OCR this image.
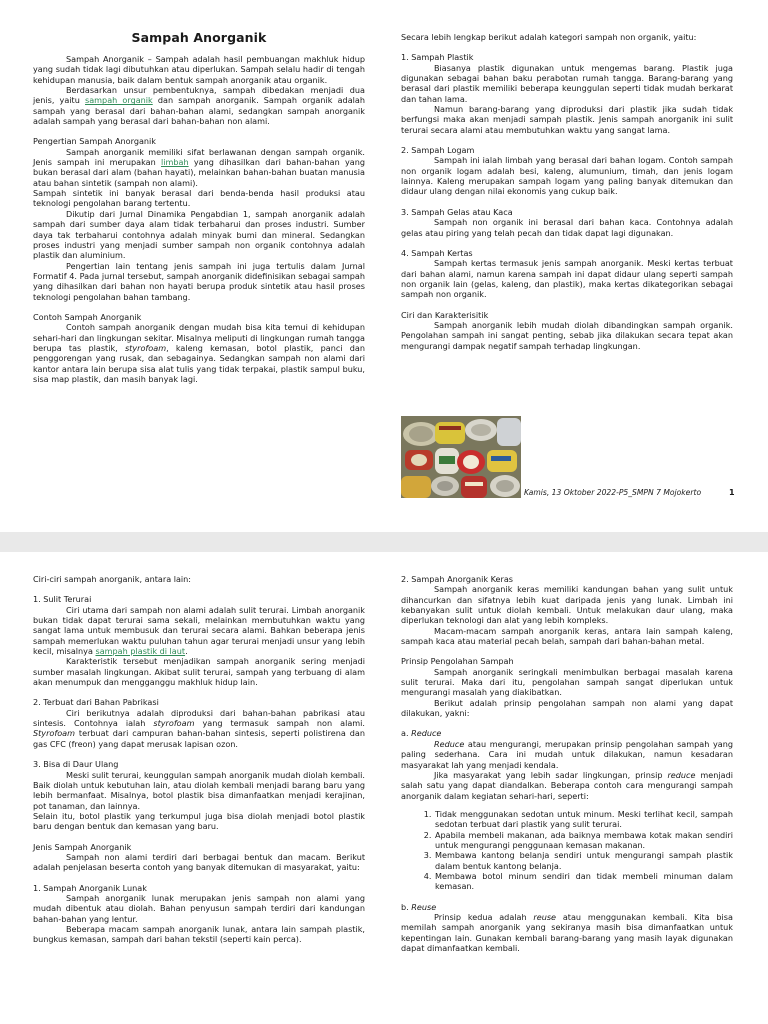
Sampah Anorganik

Sampah Anorganik – Sampah adalah hasil pembuangan makhluk hidup yang sudah tidak lagi dibutuhkan atau diperlukan. Sampah selalu hadir di tengah kehidupan manusia, baik dalam bentuk sampah anorganik atau organik.

Berdasarkan unsur pembentuknya, sampah dibedakan menjadi dua jenis, yaitu sampah organik dan sampah anorganik. Sampah organik adalah sampah yang berasal dari bahan-bahan alami, sedangkan sampah anorganik adalah sampah yang berasal dari bahan-bahan non alami.

Pengertian Sampah Anorganik

Sampah anorganik memiliki sifat berlawanan dengan sampah organik. Jenis sampah ini merupakan limbah yang dihasilkan dari bahan-bahan yang bukan berasal dari alam (bahan hayati), melainkan bahan-bahan buatan manusia atau bahan sintetik (sampah non alami).

Sampah sintetik ini banyak berasal dari benda-benda hasil produksi atau teknologi pengolahan barang tertentu.

Dikutip dari Jurnal Dinamika Pengabdian 1, sampah anorganik adalah sampah dari sumber daya alam tidak terbaharui dan proses industri. Sumber daya tak terbaharui contohnya adalah minyak bumi dan mineral. Sedangkan proses industri yang menjadi sumber sampah non organik contohnya adalah plastik dan aluminium.

Pengertian lain tentang jenis sampah ini juga tertulis dalam Jurnal Formatif 4. Pada jurnal tersebut, sampah anorganik didefinisikan sebagai sampah yang dihasilkan dari bahan non hayati berupa produk sintetik atau hasil proses teknologi pengolahan bahan tambang.

Contoh Sampah Anorganik

Contoh sampah anorganik dengan mudah bisa kita temui di kehidupan sehari-hari dan lingkungan sekitar. Misalnya meliputi di lingkungan rumah tangga berupa tas plastik, styrofoam, kaleng kemasan, botol plastik, panci dan penggorengan yang rusak, dan sebagainya. Sedangkan sampah non alami dari kantor antara lain berupa sisa alat tulis yang tidak terpakai, plastik sampul buku, sisa map plastik, dan masih banyak lagi.

Secara lebih lengkap berikut adalah kategori sampah non organik, yaitu:

1. Sampah Plastik

Biasanya plastik digunakan untuk mengemas barang. Plastik juga digunakan sebagai bahan baku perabotan rumah tangga. Barang-barang yang berasal dari plastik memiliki beberapa keunggulan seperti tidak mudah berkarat dan tahan lama.

Namun barang-barang yang diproduksi dari plastik jika sudah tidak berfungsi maka akan menjadi sampah plastik. Jenis sampah anorganik ini sulit terurai secara alami atau membutuhkan waktu yang sangat lama.

2. Sampah Logam

Sampah ini ialah limbah yang berasal dari bahan logam. Contoh sampah non organik logam adalah besi, kaleng, alumunium, timah, dan jenis logam lainnya. Kaleng merupakan sampah logam yang paling banyak ditemukan dan didaur ulang dengan nilai ekonomis yang cukup baik.

3. Sampah Gelas atau Kaca

Sampah non organik ini berasal dari bahan kaca. Contohnya adalah gelas atau piring yang telah pecah dan tidak dapat lagi digunakan.

4. Sampah Kertas

Sampah kertas termasuk jenis sampah anorganik. Meski kertas terbuat dari bahan alami, namun karena sampah ini dapat didaur ulang seperti sampah non organik lain (gelas, kaleng, dan plastik), maka kertas dikategorikan sebagai sampah non organik.

Ciri dan Karakterisitik

Sampah anorganik lebih mudah diolah dibandingkan sampah organik. Pengolahan sampah ini sangat penting, sebab jika dilakukan secara tepat akan mengurangi dampak negatif sampah terhadap lingkungan.

Kamis, 13 Oktober 2022-P5_SMPN 7 Mojokerto	1

Ciri-ciri sampah anorganik, antara lain:

1. Sulit Terurai

Ciri utama dari sampah non alami adalah sulit terurai. Limbah anorganik bukan tidak dapat terurai sama sekali, melainkan membutuhkan waktu yang sangat lama untuk membusuk dan terurai secara alami. Bahkan beberapa jenis sampah memerlukan waktu puluhan tahun agar terurai menjadi unsur yang lebih kecil, misalnya sampah plastik di laut.

Karakteristik tersebut menjadikan sampah anorganik sering menjadi sumber masalah lingkungan. Akibat sulit terurai, sampah yang terbuang di alam akan menumpuk dan mengganggu makhluk hidup lain.

2. Terbuat dari Bahan Pabrikasi

Ciri berikutnya adalah diproduksi dari bahan-bahan pabrikasi atau sintesis. Contohnya ialah styrofoam yang termasuk sampah non alami. Styrofoam terbuat dari campuran bahan-bahan sintesis, seperti polistirena dan gas CFC (freon) yang dapat merusak lapisan ozon.

3. Bisa di Daur Ulang

Meski sulit terurai, keunggulan sampah anorganik mudah diolah kembali. Baik diolah untuk kebutuhan lain, atau diolah kembali menjadi barang baru yang lebih bermanfaat. Misalnya, botol plastik bisa dimanfaatkan menjadi kerajinan, pot tanaman, dan lainnya.

Selain itu, botol plastik yang terkumpul juga bisa diolah menjadi botol plastik baru dengan bentuk dan kemasan yang baru.

Jenis Sampah Anorganik

Sampah non alami terdiri dari berbagai bentuk dan macam. Berikut adalah penjelasan beserta contoh yang banyak ditemukan di masyarakat, yaitu:

1. Sampah Anorganik Lunak

Sampah anorganik lunak merupakan jenis sampah non alami yang mudah dibentuk atau diolah. Bahan penyusun sampah terdiri dari kandungan bahan-bahan yang lentur.

Beberapa macam sampah anorganik lunak, antara lain sampah plastik, bungkus kemasan, sampah dari bahan tekstil (seperti kain perca).

2. Sampah Anorganik Keras

Sampah anorganik keras memiliki kandungan bahan yang sulit untuk dihancurkan dan sifatnya lebih kuat daripada jenis yang lunak. Limbah ini kebanyakan sulit untuk diolah kembali. Untuk melakukan daur ulang, maka diperlukan teknologi dan alat yang lebih kompleks.

Macam-macam sampah anorganik keras, antara lain sampah kaleng, sampah kaca atau material pecah belah, sampah dari bahan-bahan metal.

Prinsip Pengolahan Sampah

Sampah anorganik seringkali menimbulkan berbagai masalah karena sulit terurai. Maka dari itu, pengolahan sampah sangat diperlukan untuk mengurangi masalah yang diakibatkan.

Berikut adalah prinsip pengolahan sampah non alami yang dapat dilakukan, yakni:

a. Reduce

Reduce atau mengurangi, merupakan prinsip pengolahan sampah yang paling sederhana. Cara ini mudah untuk dilakukan, namun kesadaran masyarakat lah yang menjadi kendala.

Jika masyarakat yang lebih sadar lingkungan, prinsip reduce menjadi salah satu yang dapat diandalkan. Beberapa contoh cara mengurangi sampah anorganik dalam kegiatan sehari-hari, seperti:

1. Tidak menggunakan sedotan untuk minum. Meski terlihat kecil, sampah sedotan terbuat dari plastik yang sulit terurai.
2. Apabila membeli makanan, ada baiknya membawa kotak makan sendiri untuk mengurangi penggunaan kemasan makanan.
3. Membawa kantong belanja sendiri untuk mengurangi sampah plastik dalam bentuk kantong belanja.
4. Membawa botol minum sendiri dan tidak membeli minuman dalam kemasan.
b. Reuse

Prinsip kedua adalah reuse atau menggunakan kembali. Kita bisa memilah sampah anorganik yang sekiranya masih bisa dimanfaatkan untuk kepentingan lain. Gunakan kembali barang-barang yang masih layak digunakan dapat dimanfaatkan kembali.
